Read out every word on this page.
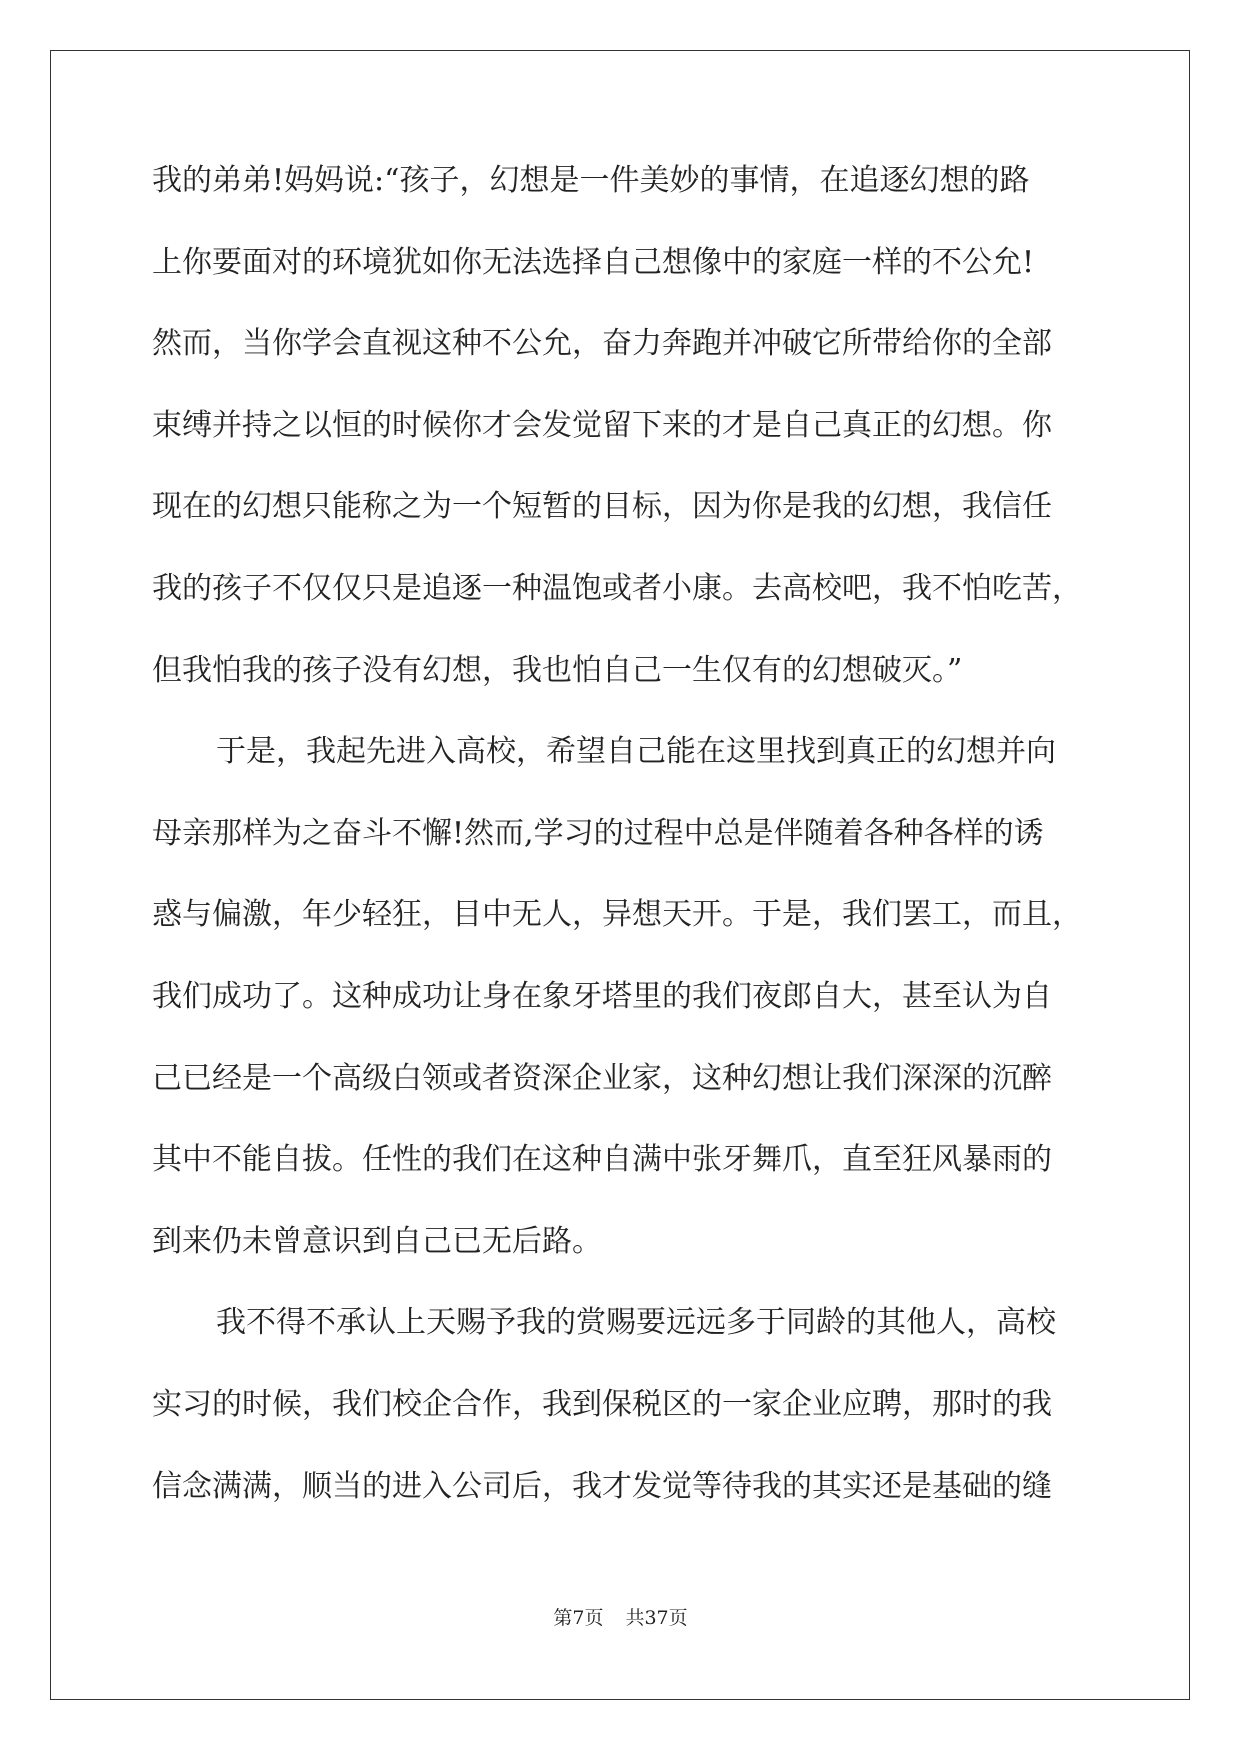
我的弟弟!妈妈说:“孩子，幻想是一件美妙的事情，在追逐幻想的路
上你要面对的环境犹如你无法选择自己想像中的家庭一样的不公允!
然而，当你学会直视这种不公允，奋力奔跑并冲破它所带给你的全部
束缚并持之以恒的时候你才会发觉留下来的才是自己真正的幻想。你
现在的幻想只能称之为一个短暂的目标，因为你是我的幻想，我信任
我的孩子不仅仅只是追逐一种温饱或者小康。去高校吧，我不怕吃苦，
但我怕我的孩子没有幻想，我也怕自己一生仅有的幻想破灭。”
于是，我起先进入高校，希望自己能在这里找到真正的幻想并向
母亲那样为之奋斗不懈!然而,学习的过程中总是伴随着各种各样的诱
惑与偏激，年少轻狂，目中无人，异想天开。于是，我们罢工，而且，
我们成功了。这种成功让身在象牙塔里的我们夜郎自大，甚至认为自
己已经是一个高级白领或者资深企业家，这种幻想让我们深深的沉醉
其中不能自拔。任性的我们在这种自满中张牙舞爪，直至狂风暴雨的
到来仍未曾意识到自己已无后路。
我不得不承认上天赐予我的赏赐要远远多于同龄的其他人，高校
实习的时候，我们校企合作，我到保税区的一家企业应聘，那时的我
信念满满，顺当的进入公司后，我才发觉等待我的其实还是基础的缝
第7页 共37页
